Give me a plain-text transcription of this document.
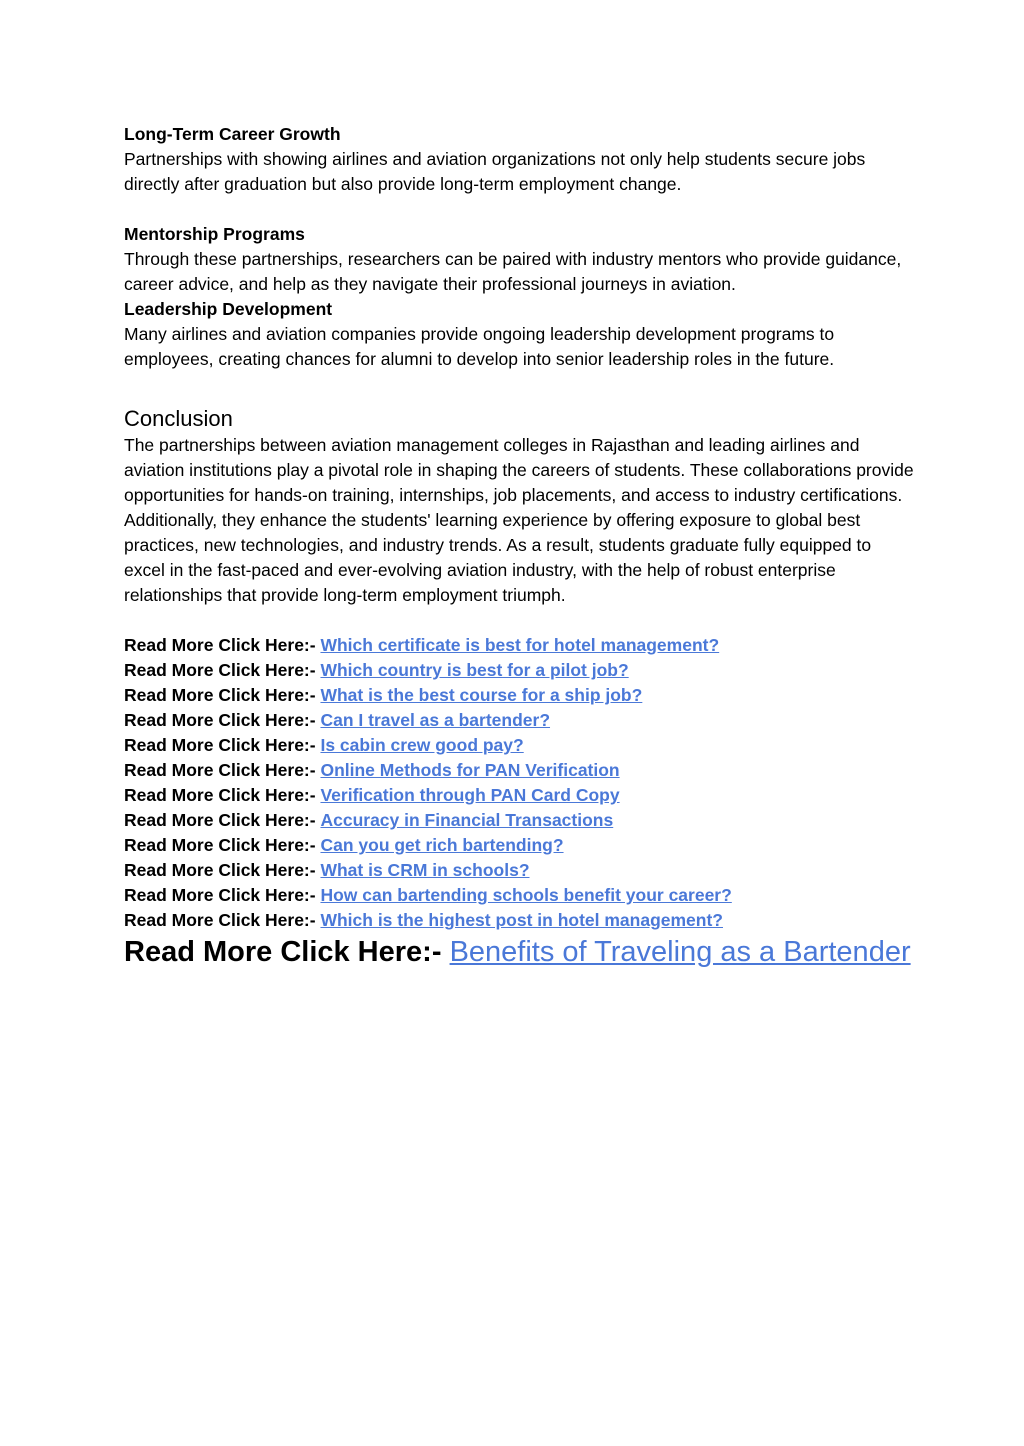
Long-Term Career Growth

Partnerships with showing airlines and aviation organizations not only help students secure jobs directly after graduation but also provide long-term employment change.

Mentorship Programs

Through these partnerships, researchers can be paired with industry mentors who provide guidance, career advice, and help as they navigate their professional journeys in aviation.

Leadership Development

Many airlines and aviation companies provide ongoing leadership development programs to employees, creating chances for alumni to develop into senior leadership roles in the future.

Conclusion

The partnerships between aviation management colleges in Rajasthan and leading airlines and aviation institutions play a pivotal role in shaping the careers of students. These collaborations provide opportunities for hands-on training, internships, job placements, and access to industry certifications. Additionally, they enhance the students' learning experience by offering exposure to global best practices, new technologies, and industry trends. As a result, students graduate fully equipped to excel in the fast-paced and ever-evolving aviation industry, with the help of robust enterprise relationships that provide long-term employment triumph.

Read More Click Here:- Which certificate is best for hotel management?

Read More Click Here:- Which country is best for a pilot job?

Read More Click Here:- What is the best course for a ship job?

Read More Click Here:- Can I travel as a bartender?

Read More Click Here:- Is cabin crew good pay?

Read More Click Here:- Online Methods for PAN Verification

Read More Click Here:- Verification through PAN Card Copy

Read More Click Here:- Accuracy in Financial Transactions

Read More Click Here:- Can you get rich bartending?

Read More Click Here:- What is CRM in schools?

Read More Click Here:- How can bartending schools benefit your career?

Read More Click Here:- Which is the highest post in hotel management?

Read More Click Here:- Benefits of Traveling as a Bartender
